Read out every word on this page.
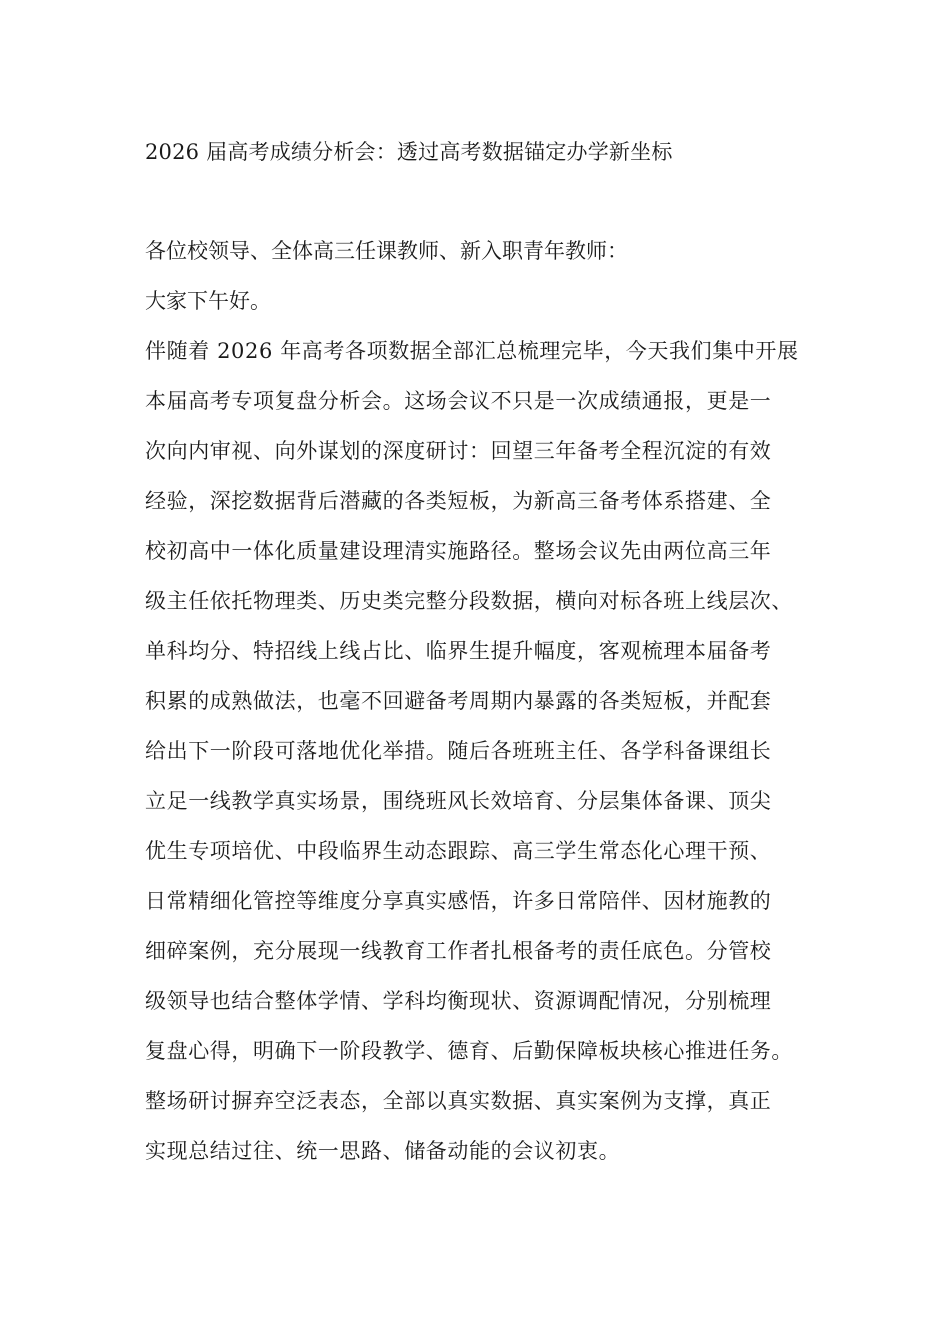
2026 届高考成绩分析会：透过高考数据锚定办学新坐标
各位校领导、全体高三任课教师、新入职青年教师：
大家下午好。
伴随着 2026 年高考各项数据全部汇总梳理完毕，今天我们集中开展
本届高考专项复盘分析会。这场会议不只是一次成绩通报，更是一
次向内审视、向外谋划的深度研讨：回望三年备考全程沉淀的有效
经验，深挖数据背后潜藏的各类短板，为新高三备考体系搭建、全
校初高中一体化质量建设理清实施路径。整场会议先由两位高三年
级主任依托物理类、历史类完整分段数据，横向对标各班上线层次、
单科均分、特招线上线占比、临界生提升幅度，客观梳理本届备考
积累的成熟做法，也毫不回避备考周期内暴露的各类短板，并配套
给出下一阶段可落地优化举措。随后各班班主任、各学科备课组长
立足一线教学真实场景，围绕班风长效培育、分层集体备课、顶尖
优生专项培优、中段临界生动态跟踪、高三学生常态化心理干预、
日常精细化管控等维度分享真实感悟，许多日常陪伴、因材施教的
细碎案例，充分展现一线教育工作者扎根备考的责任底色。分管校
级领导也结合整体学情、学科均衡现状、资源调配情况，分别梳理
复盘心得，明确下一阶段教学、德育、后勤保障板块核心推进任务。
整场研讨摒弃空泛表态，全部以真实数据、真实案例为支撑，真正
实现总结过往、统一思路、储备动能的会议初衷。
